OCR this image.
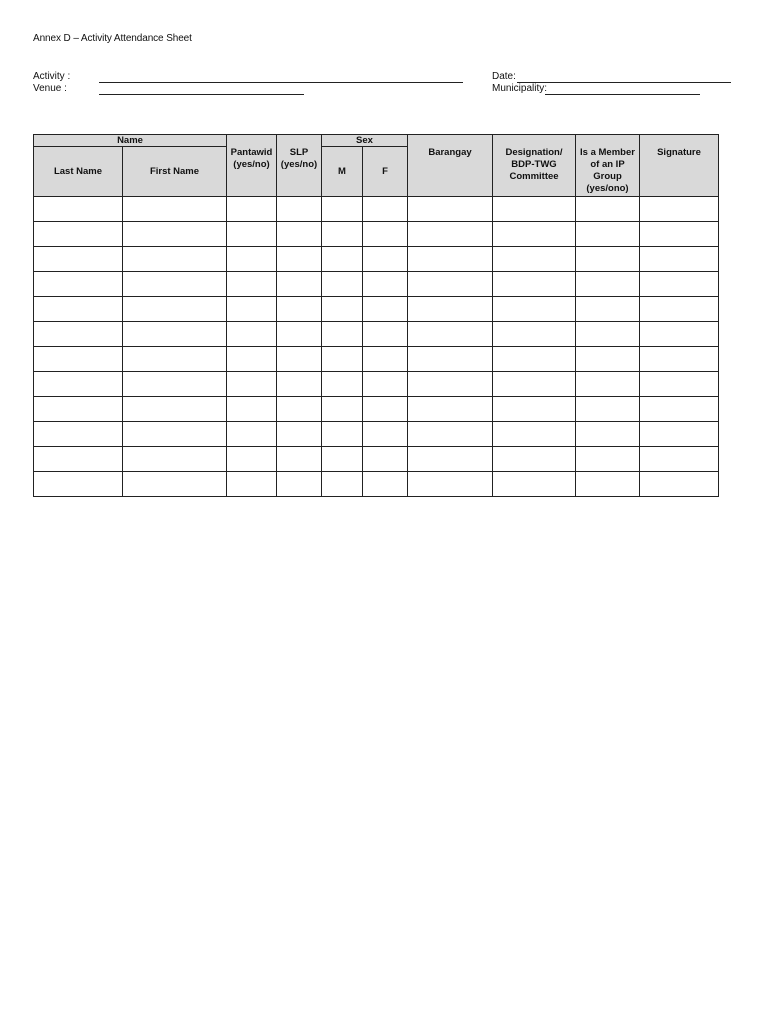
Annex D – Activity Attendance Sheet
Activity :
Venue :
Date:
Municipality:
Name		Pantawid (yes/no)	SLP (yes/no)	Sex		Barangay	Designation/ BDP-TWG Committee	Is a Member of an IP Group (yes/ono)	Signature
Last Name	First Name			M	F				
